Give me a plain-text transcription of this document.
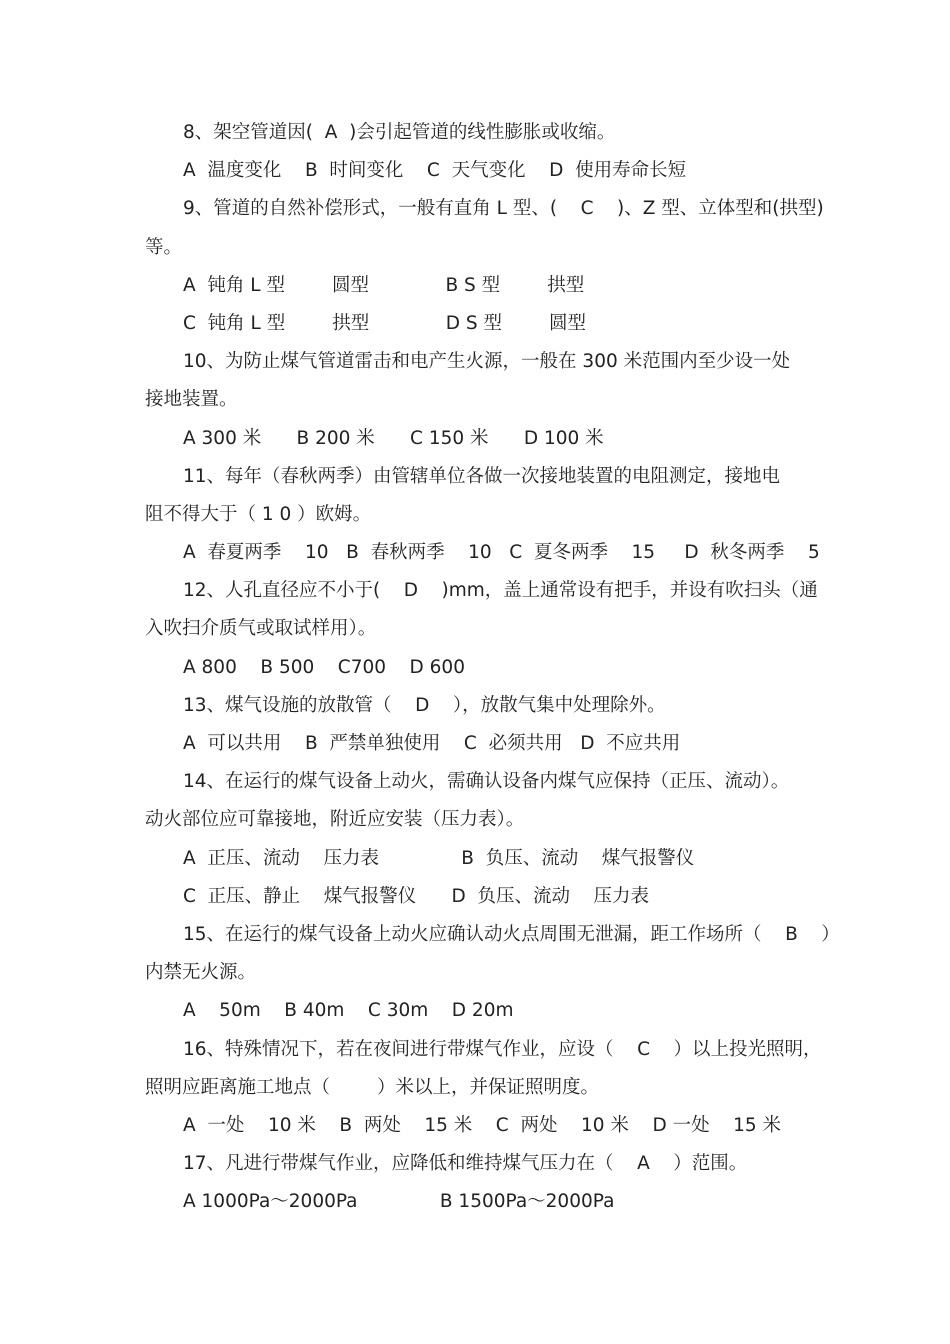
8、架空管道因(  A  )会引起管道的线性膨胀或收缩。
A  温度变化    B  时间变化    C  天气变化    D  使用寿命长短
9、管道的自然补偿形式，一般有直角 L 型、(    C    )、Z 型、立体型和(拱型)
等。
A  钝角 L 型        圆型             B S 型        拱型
C  钝角 L 型        拱型             D S 型        圆型
10、为防止煤气管道雷击和电产生火源，一般在 300 米范围内至少设一处
接地装置。
A 300 米      B 200 米      C 150 米      D 100 米
11、每年（春秋两季）由管辖单位各做一次接地装置的电阻测定，接地电
阻不得大于（ 1 0 ）欧姆。
A  春夏两季    10   B  春秋两季    10   C  夏冬两季    15     D  秋冬两季    5
12、人孔直径应不小于(    D    )mm，盖上通常设有把手，并设有吹扫头（通
入吹扫介质气或取试样用）。
A 800    B 500    C700    D 600
13、煤气设施的放散管（    D    ），放散气集中处理除外。
A  可以共用    B  严禁单独使用    C  必须共用   D  不应共用
14、在运行的煤气设备上动火，需确认设备内煤气应保持（正压、流动）。
动火部位应可靠接地，附近应安装（压力表）。
A  正压、流动    压力表              B  负压、流动    煤气报警仪
C  正压、静止    煤气报警仪      D  负压、流动    压力表
15、在运行的煤气设备上动火应确认动火点周围无泄漏，距工作场所（    B    ）
内禁无火源。
A    50m    B 40m    C 30m    D 20m
16、特殊情况下，若在夜间进行带煤气作业，应设（    C    ）以上投光照明，
照明应距离施工地点（        ）米以上，并保证照明度。
A  一处    10 米    B  两处    15 米    C  两处    10 米    D 一处    15 米
17、凡进行带煤气作业，应降低和维持煤气压力在（    A    ）范围。
A 1000Pa～2000Pa              B 1500Pa～2000Pa
